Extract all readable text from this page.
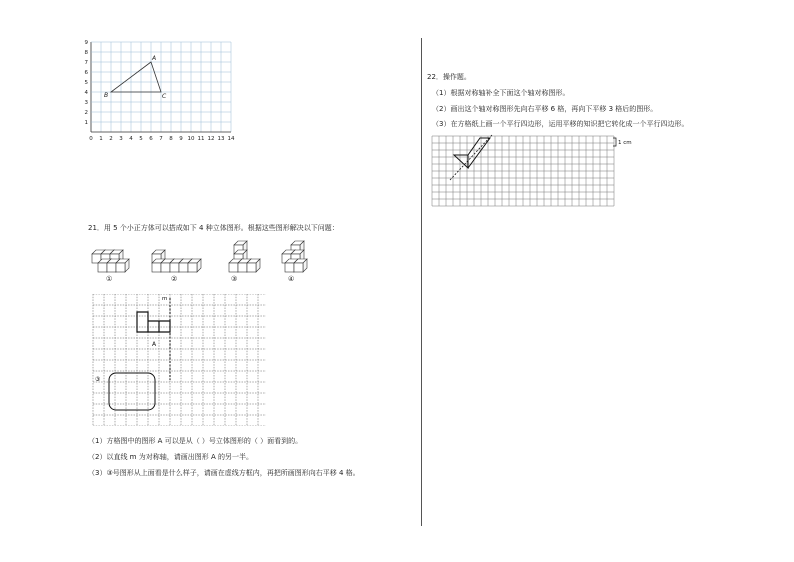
0 1 2 3 4 5 6 7 8 9 10 11 12 13 14
1
2
3
4
5
6
7
8
9
A
B	C
21．用 5 个小正方体可以搭成如下 4 种立体图形。根据这些图形解决以下问题：
①	②	③	④
m
A
③
（1）方格图中的图形 A 可以是从（ ）号立体图形的（ ）面看到的。
（2）以直线 m 为对称轴，请画出图形 A 的另一半。
（3）③号图形从上面看是什么样子，请画在虚线方框内，再把所画图形向右平移 4 格。
22．操作题。
（1）根据对称轴补全下面这个轴对称图形。
（2）画出这个轴对称图形先向右平移 6 格，再向下平移 3 格后的图形。
（3）在方格纸上画一个平行四边形，运用平移的知识把它转化成一个平行四边形。
1 cm
